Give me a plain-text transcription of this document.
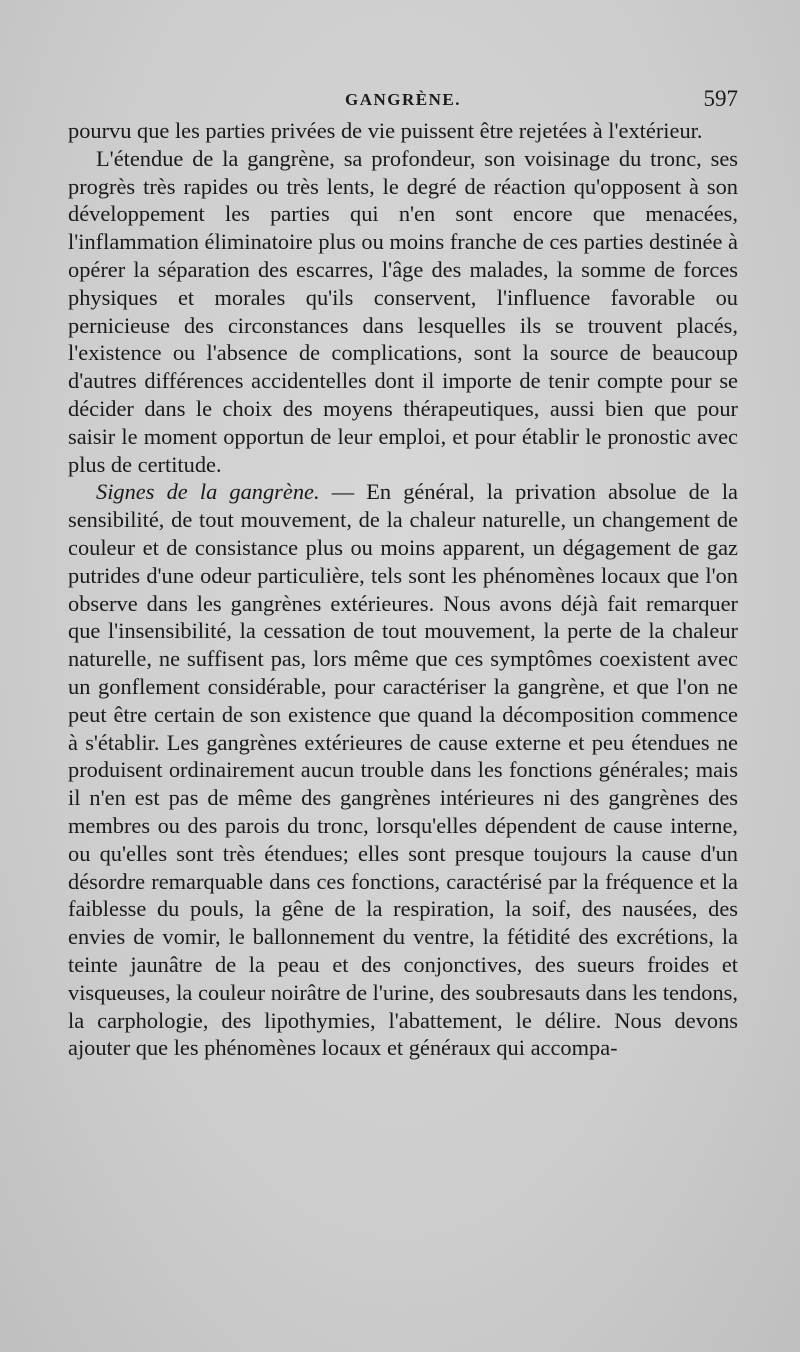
GANGRÈNE.	597

pourvu que les parties privées de vie puissent être rejetées à l'extérieur.

L'étendue de la gangrène, sa profondeur, son voisinage du tronc, ses progrès très rapides ou très lents, le degré de réaction qu'opposent à son développement les parties qui n'en sont encore que menacées, l'inflammation éliminatoire plus ou moins franche de ces parties destinée à opérer la séparation des escarres, l'âge des malades, la somme de forces physiques et morales qu'ils conservent, l'influence favorable ou pernicieuse des circonstances dans lesquelles ils se trouvent placés, l'existence ou l'absence de complications, sont la source de beaucoup d'autres différences accidentelles dont il importe de tenir compte pour se décider dans le choix des moyens thérapeutiques, aussi bien que pour saisir le moment opportun de leur emploi, et pour établir le pronostic avec plus de certitude.

Signes de la gangrène. — En général, la privation absolue de la sensibilité, de tout mouvement, de la chaleur naturelle, un changement de couleur et de consistance plus ou moins apparent, un dégagement de gaz putrides d'une odeur particulière, tels sont les phénomènes locaux que l'on observe dans les gangrènes extérieures. Nous avons déjà fait remarquer que l'insensibilité, la cessation de tout mouvement, la perte de la chaleur naturelle, ne suffisent pas, lors même que ces symptômes coexistent avec un gonflement considérable, pour caractériser la gangrène, et que l'on ne peut être certain de son existence que quand la décomposition commence à s'établir. Les gangrènes extérieures de cause externe et peu étendues ne produisent ordinairement aucun trouble dans les fonctions générales; mais il n'en est pas de même des gangrènes intérieures ni des gangrènes des membres ou des parois du tronc, lorsqu'elles dépendent de cause interne, ou qu'elles sont très étendues; elles sont presque toujours la cause d'un désordre remarquable dans ces fonctions, caractérisé par la fréquence et la faiblesse du pouls, la gêne de la respiration, la soif, des nausées, des envies de vomir, le ballonnement du ventre, la fétidité des excrétions, la teinte jaunâtre de la peau et des conjonctives, des sueurs froides et visqueuses, la couleur noirâtre de l'urine, des soubresauts dans les tendons, la carphologie, des lipothymies, l'abattement, le délire. Nous devons ajouter que les phénomènes locaux et généraux qui accompa-
